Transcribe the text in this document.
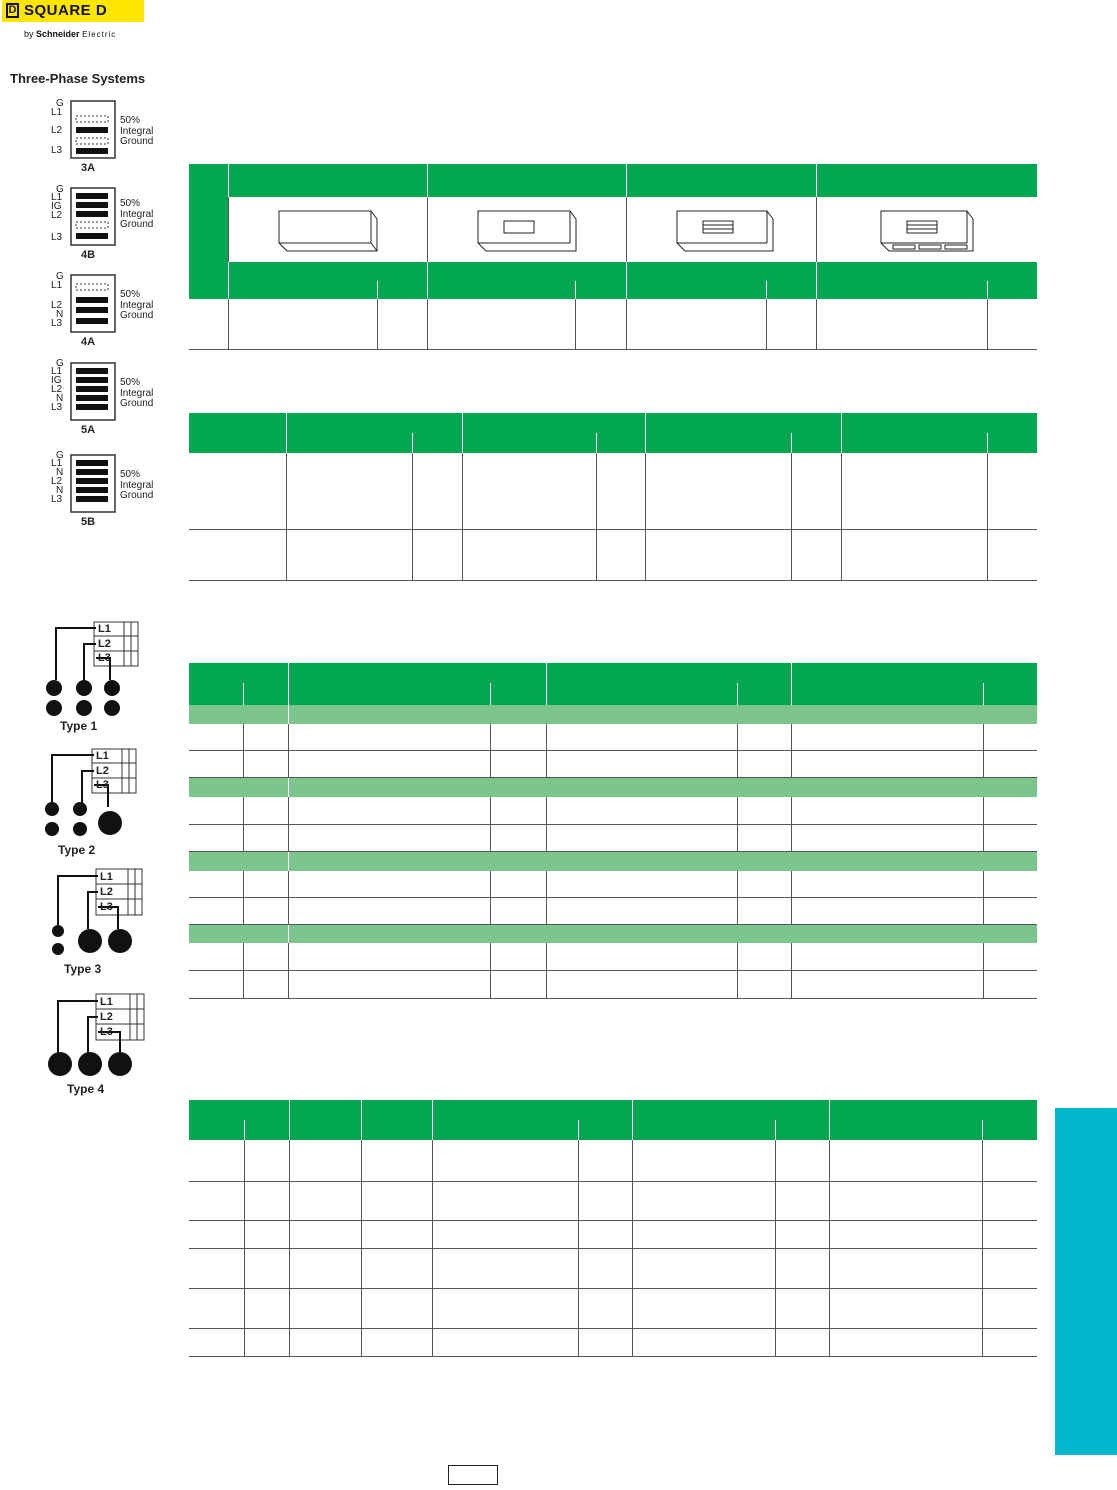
D SQUARE D
by Schneider Electric
Three-Phase Systems
G
L1
L2
L3
50%
Integral
Ground
3A
G
L1
IG
L2
L3
50%
Integral
Ground
4B
G
L1
L2
N
L3
50%
Integral
Ground
4A
G
L1
IG
L2
N
L3
50%
Integral
Ground
5A
G
L1
N
L2
N
L3
50%
Integral
Ground
5B
L1
L2
L3
Type 1
L1
L2
L3
Type 2
L1
L2
L3
Type 3
L1
L2
L3
Type 4
